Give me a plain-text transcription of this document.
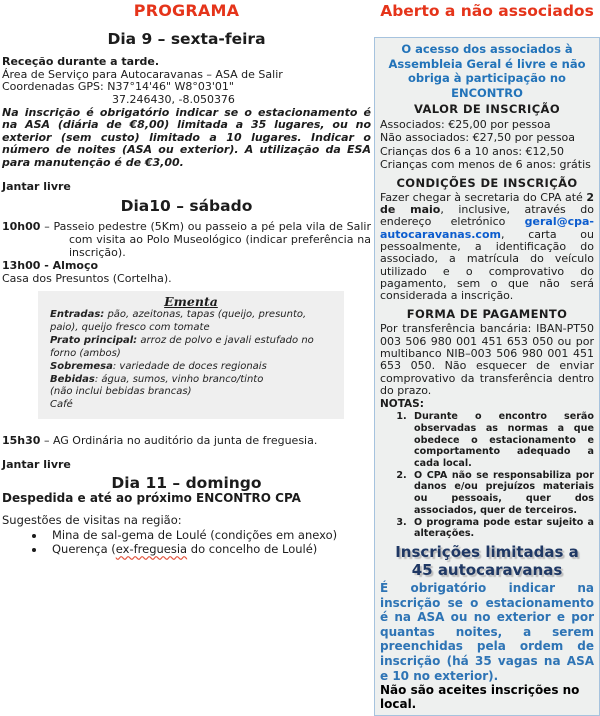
PROGRAMA
Dia 9 – sexta-feira
Receção durante a tarde.
Área de Serviço para Autocaravanas – ASA de Salir
Coordenadas GPS: N37°14'46" W8°03'01"
37.246430, -8.050376
Na inscrição é obrigatório indicar se o estacionamento é na ASA (diária de €8,00) limitada a 35 lugares, ou no exterior (sem custo) limitado a 10 lugares. Indicar o número de noites (ASA ou exterior). A utilização da ESA para manutenção é de €3,00.
Jantar livre
Dia10 – sábado
10h00 – Passeio pedestre (5Km) ou passeio a pé pela vila de Salir com visita ao Polo Museológico (indicar preferência na inscrição).
13h00 - Almoço
Casa dos Presuntos (Cortelha).
Ementa
Entradas: pão, azeitonas, tapas (queijo, presunto, paio), queijo fresco com tomate
Prato principal: arroz de polvo e javali estufado no forno (ambos)
Sobremesa: variedade de doces regionais
Bebidas: água, sumos, vinho branco/tinto
(não inclui bebidas brancas)
Café
15h30 – AG Ordinária no auditório da junta de freguesia.
Jantar livre
Dia 11 – domingo
Despedida e até ao próximo ENCONTRO CPA
Sugestões de visitas na região:
• Mina de sal-gema de Loulé (condições em anexo)
• Querença (ex-freguesia do concelho de Loulé)
Aberto a não associados
O acesso dos associados à Assembleia Geral é livre e não obriga à participação no ENCONTRO
VALOR DE INSCRIÇÃO
Associados: €25,00 por pessoa
Não associados: €27,50 por pessoa
Crianças dos 6 a 10 anos: €12,50
Crianças com menos de 6 anos: grátis
CONDIÇÕES DE INSCRIÇÃO
Fazer chegar à secretaria do CPA até 2 de maio, inclusive, através do endereço eletrónico geral@cpa-autocaravanas.com, carta ou pessoalmente, a identificação do associado, a matrícula do veículo utilizado e o comprovativo do pagamento, sem o que não será considerada a inscrição.
FORMA DE PAGAMENTO
Por transferência bancária: IBAN-PT50 003 506 980 001 451 653 050 ou por multibanco NIB–003 506 980 001 451 653 050. Não esquecer de enviar comprovativo da transferência dentro do prazo.
NOTAS:
1. Durante o encontro serão observadas as normas a que obedece o estacionamento e comportamento adequado a cada local.
2. O CPA não se responsabiliza por danos e/ou prejuízos materiais ou pessoais, quer dos associados, quer de terceiros.
3. O programa pode estar sujeito a alterações.
Inscrições limitadas a
45 autocaravanas
É obrigatório indicar na inscrição se o estacionamento é na ASA ou no exterior e por quantas noites, a serem preenchidas pela ordem de inscrição (há 35 vagas na ASA e 10 no exterior).
Não são aceites inscrições no local.
